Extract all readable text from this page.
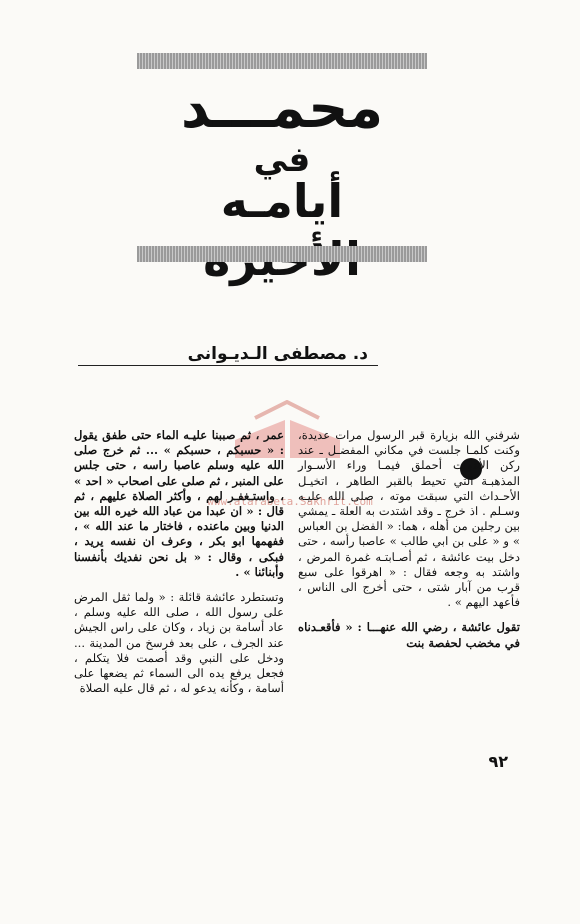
محمـــد
في
أيامـه
د. مصطفى الـديـوانى
www.alarabeta.Sakhrit.com

شرفني الله بزيارة قبر الرسول مرات عديدة، وكنت كلمـا جلست في مكاني المفضـل ـ عند ركن الأغوات أحملق فيمـا وراء الأسـوار المذهبـة التي تحيط بالقبر الطاهر ، اتخيـل الأحـداث التي سبقت موته ، صلى الله عليـه وسـلم . اذ خرج ـ وقد اشتدت به العلة ـ يمشي بين رجلين من أهله ، هما: « الفضل بن العباس » و « على بن ابي طالب » عاصبا رأسه ، حتى دخل بيت عائشة ، ثم أصـابتـه غمرة المرض ، واشتد به وجعه فقال : « اهرقوا على سبع قرب من آبار شتى ، حتى أخرج الى الناس ، فأعهد اليهم » .

تقول عائشة ، رضي الله عنهـــا : « فأقعـدناه في مخضب لحفصة بنت

عمر ، ثم صببنا عليـه الماء حتى طفق يقول : « حسبكم ، حسبكم » ... ثم خرج صلى الله عليه وسلم عاصبا راسه ، حتى جلس على المنبر ، ثم صلى على اصحاب « احد » ، واستـغفـر لهم ، وأكثر الصلاة عليهم ، ثم قال : « ان عبدا من عباد الله خيره الله بين الدنيا وبين ماعنده ، فاختار ما عند الله » ، ففهمها ابو بكر ، وعرف ان نفسه يريد ، فبكى ، وقال : « بل نحن نفديك بأنفسنا وأبنائنا » .

وتستطرد عائشة قائلة : « ولما ثقل المرض على رسول الله ، صلى الله عليه وسلم ، عاد أسامة بن زياد ، وكان على راس الجيش عند الجرف ، على بعد فرسخ من المدينة ... ودخل على النبي وقد أصمت فلا يتكلم ، فجعل يرفع يده الى السماء ثم يضعها على أسامة ، وكأنه يدعو له ، ثم قال عليه الصلاة

٩٢
